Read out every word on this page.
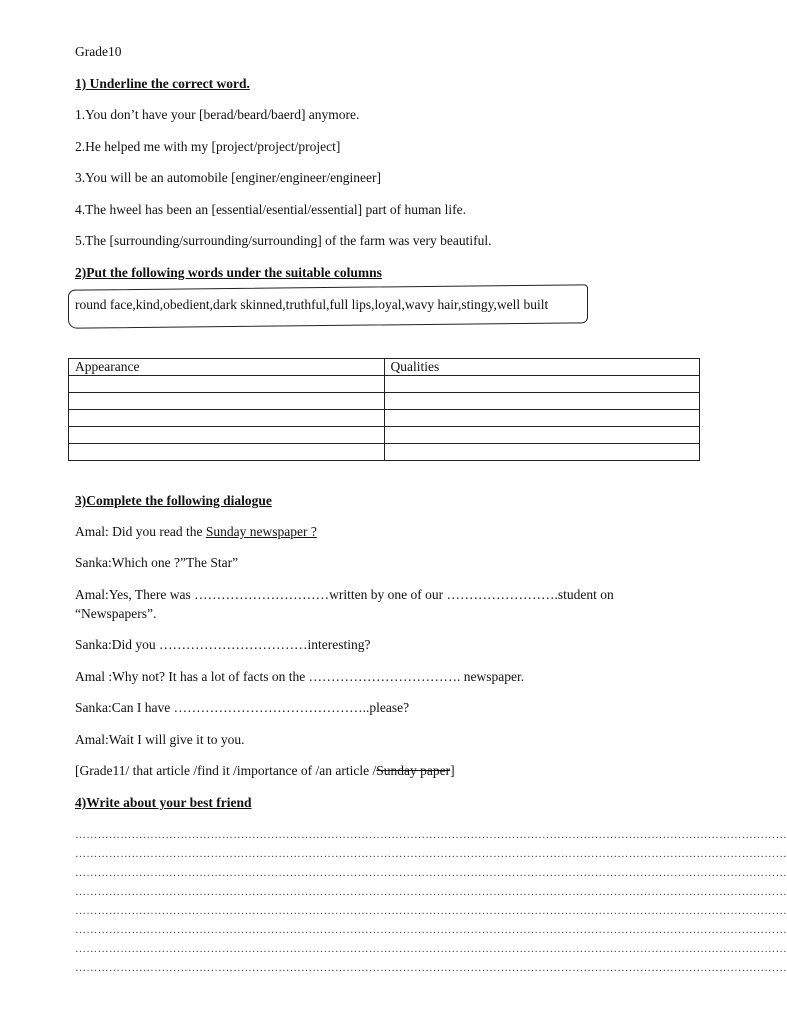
Grade10
1) Underline the correct word.
1.You don’t have your [berad/beard/baerd] anymore.
2.He helped me with my [project/project/project]
3.You will be an automobile [enginer/engineer/engineer]
4.The hweel has been an [essential/esential/essential] part of human life.
5.The [surrounding/surrounding/surrounding] of the farm was very beautiful.
2)Put the following words under the suitable columns
round face,kind,obedient,dark skinned,truthful,full lips,loyal,wavy hair,stingy,well built
Appearance	Qualities

3)Complete the following dialogue
Amal: Did you read the Sunday newspaper ?
Sanka:Which one ?”The Star”
Amal:Yes, There was …………………………written by one of our …………………….student on
“Newspapers”.
Sanka:Did you ……………………………interesting?
Amal :Why not? It has a lot of facts on the ……………………………. newspaper.
Sanka:Can I have ……………………………………..please?
Amal:Wait I will give it to you.
[Grade11/ that article /find it /importance of /an article /Sunday paper]
4)Write about your best friend
………………………………………………………………………………………………………………………………………………………………………
………………………………………………………………………………………………………………………………………………………………………
………………………………………………………………………………………………………………………………………………………………………
………………………………………………………………………………………………………………………………………………………………………
………………………………………………………………………………………………………………………………………………………………………
………………………………………………………………………………………………………………………………………………………………………
………………………………………………………………………………………………………………………………………………………………………
………………………………………………………………………………………………………………………………………………………………………
